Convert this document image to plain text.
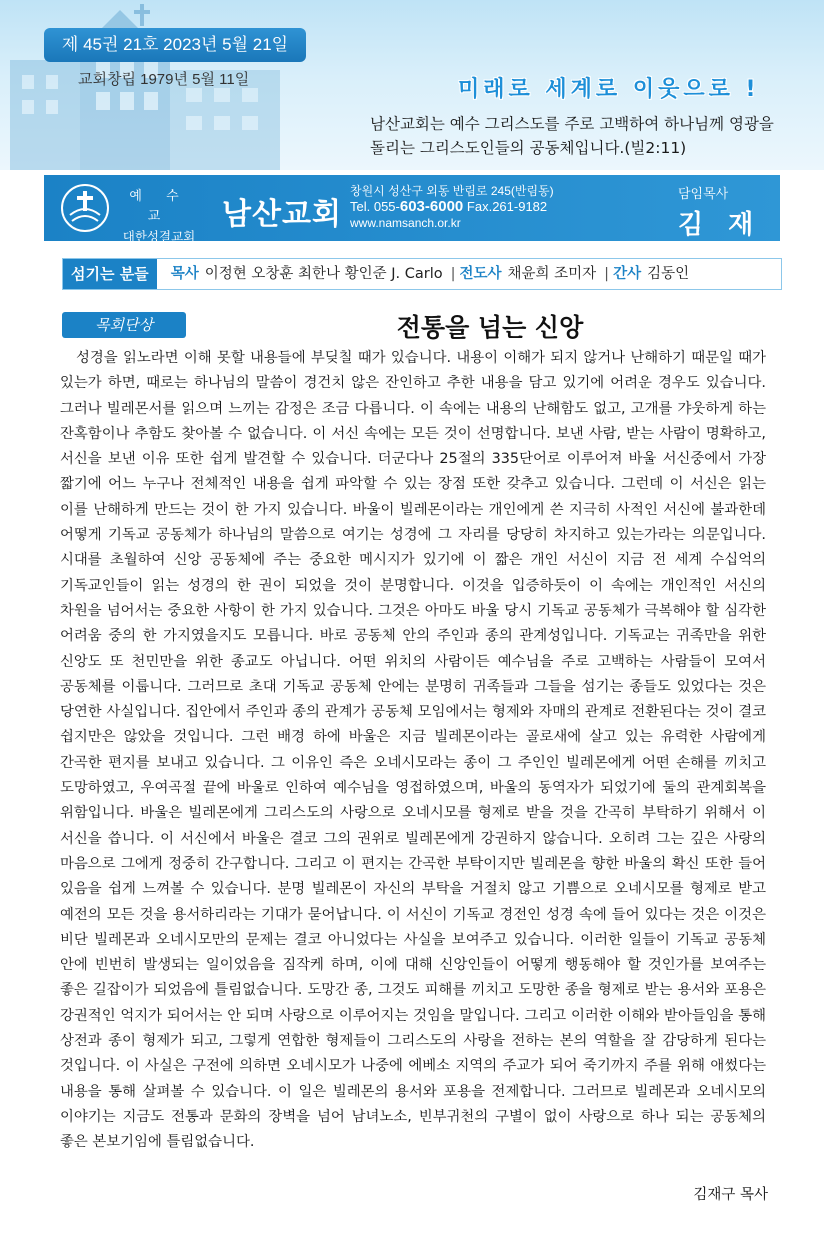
제 45권 21호 2023년 5월 21일
교회창립 1979년 5월 11일	미래로 세계로 이웃으로 !
남산교회는 예수 그리스도를 주로 고백하여 하나님께 영광을 돌리는 그리스도인들의 공동체입니다.(빌2:11)
예 수 교
대한성결교회
남산교회
창원시 성산구 외동 반림로 245(반림동)
Tel. 055-603-6000 Fax.261-9182
www.namsanch.or.kr
담임목사
김 재
섬기는 분들	목사 이정현 오창훈 최한나 황인준 J. Carlo | 전도사 채윤희 조미자 | 간사 김동인
목회단상	전통을 넘는 신앙
성경을 읽노라면 이해 못할 내용들에 부딪칠 때가 있습니다. 내용이 이해가 되지 않거나 난해하기 때문일 때가 있는가 하면, 때로는 하나님의 말씀이 경건치 않은 잔인하고 추한 내용을 담고 있기에 어려운 경우도 있습니다. 그러나 빌레몬서를 읽으며 느끼는 감정은 조금 다릅니다. 이 속에는 내용의 난해함도 없고, 고개를 갸웃하게 하는 잔혹함이나 추함도 찾아볼 수 없습니다. 이 서신 속에는 모든 것이 선명합니다. 보낸 사람, 받는 사람이 명확하고, 서신을 보낸 이유 또한 쉽게 발견할 수 있습니다. 더군다나 25절의 335단어로 이루어져 바울 서신중에서 가장 짧기에 어느 누구나 전체적인 내용을 쉽게 파악할 수 있는 장점 또한 갖추고 있습니다. 그런데 이 서신은 읽는 이를 난해하게 만드는 것이 한 가지 있습니다. 바울이 빌레몬이라는 개인에게 쓴 지극히 사적인 서신에 불과한데 어떻게 기독교 공동체가 하나님의 말씀으로 여기는 성경에 그 자리를 당당히 차지하고 있는가라는 의문입니다. 시대를 초월하여 신앙 공동체에 주는 중요한 메시지가 있기에 이 짧은 개인 서신이 지금 전 세계 수십억의 기독교인들이 읽는 성경의 한 권이 되었을 것이 분명합니다. 이것을 입증하듯이 이 속에는 개인적인 서신의 차원을 넘어서는 중요한 사항이 한 가지 있습니다. 그것은 아마도 바울 당시 기독교 공동체가 극복해야 할 심각한 어려움 중의 한 가지였을지도 모릅니다. 바로 공동체 안의 주인과 종의 관계성입니다. 기독교는 귀족만을 위한 신앙도 또 천민만을 위한 종교도 아닙니다. 어떤 위치의 사람이든 예수님을 주로 고백하는 사람들이 모여서 공동체를 이룹니다. 그러므로 초대 기독교 공동체 안에는 분명히 귀족들과 그들을 섬기는 종들도 있었다는 것은 당연한 사실입니다. 집안에서 주인과 종의 관계가 공동체 모임에서는 형제와 자매의 관계로 전환된다는 것이 결코 쉽지만은 않았을 것입니다. 그런 배경 하에 바울은 지금 빌레몬이라는 골로새에 살고 있는 유력한 사람에게 간곡한 편지를 보내고 있습니다. 그 이유인 즉은 오네시모라는 종이 그 주인인 빌레몬에게 어떤 손해를 끼치고 도망하였고, 우여곡절 끝에 바울로 인하여 예수님을 영접하였으며, 바울의 동역자가 되었기에 둘의 관계회복을 위함입니다. 바울은 빌레몬에게 그리스도의 사랑으로 오네시모를 형제로 받을 것을 간곡히 부탁하기 위해서 이 서신을 씁니다. 이 서신에서 바울은 결코 그의 권위로 빌레몬에게 강권하지 않습니다. 오히려 그는 깊은 사랑의 마음으로 그에게 정중히 간구합니다. 그리고 이 편지는 간곡한 부탁이지만 빌레몬을 향한 바울의 확신 또한 들어 있음을 쉽게 느껴볼 수 있습니다. 분명 빌레몬이 자신의 부탁을 거절치 않고 기쁨으로 오네시모를 형제로 받고 예전의 모든 것을 용서하리라는 기대가 묻어납니다. 이 서신이 기독교 경전인 성경 속에 들어 있다는 것은 이것은 비단 빌레몬과 오네시모만의 문제는 결코 아니었다는 사실을 보여주고 있습니다. 이러한 일들이 기독교 공동체 안에 빈번히 발생되는 일이었음을 짐작케 하며, 이에 대해 신앙인들이 어떻게 행동해야 할 것인가를 보여주는 좋은 길잡이가 되었음에 틀림없습니다. 도망간 종, 그것도 피해를 끼치고 도망한 종을 형제로 받는 용서와 포용은 강권적인 억지가 되어서는 안 되며 사랑으로 이루어지는 것임을 말입니다. 그리고 이러한 이해와 받아들임을 통해 상전과 종이 형제가 되고, 그렇게 연합한 형제들이 그리스도의 사랑을 전하는 본의 역할을 잘 감당하게 된다는 것입니다. 이 사실은 구전에 의하면 오네시모가 나중에 에베소 지역의 주교가 되어 죽기까지 주를 위해 애썼다는 내용을 통해 살펴볼 수 있습니다. 이 일은 빌레몬의 용서와 포용을 전제합니다. 그러므로 빌레몬과 오네시모의 이야기는 지금도 전통과 문화의 장벽을 넘어 남녀노소, 빈부귀천의 구별이 없이 사랑으로 하나 되는 공동체의 좋은 본보기임에 틀림없습니다.
김재구 목사
